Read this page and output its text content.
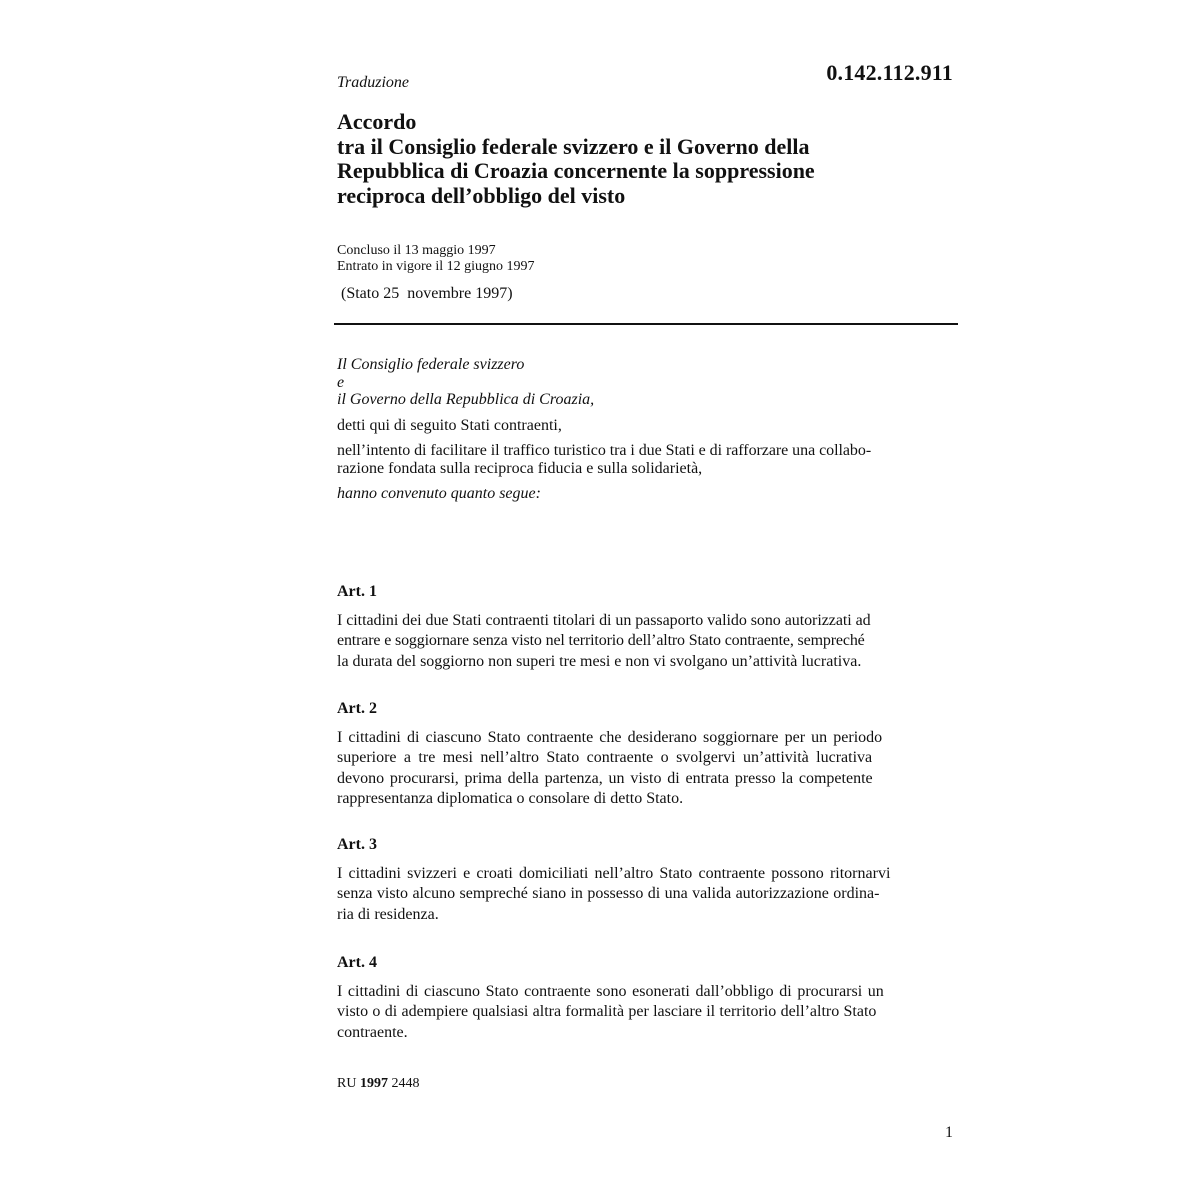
0.142.112.911
Traduzione
Accordo
tra il Consiglio federale svizzero e il Governo della
Repubblica di Croazia concernente la soppressione
reciproca dell’obbligo del visto
Concluso il 13 maggio 1997
Entrato in vigore il 12 giugno 1997
(Stato 25  novembre 1997)
Il Consiglio federale svizzero
e
il Governo della Repubblica di Croazia,
detti qui di seguito Stati contraenti,
nell’intento di facilitare il traffico turistico tra i due Stati e di rafforzare una collabo-
razione fondata sulla reciproca fiducia e sulla solidarietà,
hanno convenuto quanto segue:
Art. 1
I cittadini dei due Stati contraenti titolari di un passaporto valido sono autorizzati ad
entrare e soggiornare senza visto nel territorio dell’altro Stato contraente, sempreché
la durata del soggiorno non superi tre mesi e non vi svolgano un’attività lucrativa.
Art. 2
I cittadini di ciascuno Stato contraente che desiderano soggiornare per un periodo
superiore a tre mesi nell’altro Stato contraente o svolgervi un’attività lucrativa
devono procurarsi, prima della partenza, un visto di entrata presso la competente
rappresentanza diplomatica o consolare di detto Stato.
Art. 3
I cittadini svizzeri e croati domiciliati nell’altro Stato contraente possono ritornarvi
senza visto alcuno sempreché siano in possesso di una valida autorizzazione ordina-
ria di residenza.
Art. 4
I cittadini di ciascuno Stato contraente sono esonerati dall’obbligo di procurarsi un
visto o di adempiere qualsiasi altra formalità per lasciare il territorio dell’altro Stato
contraente.
RU 1997 2448
1
